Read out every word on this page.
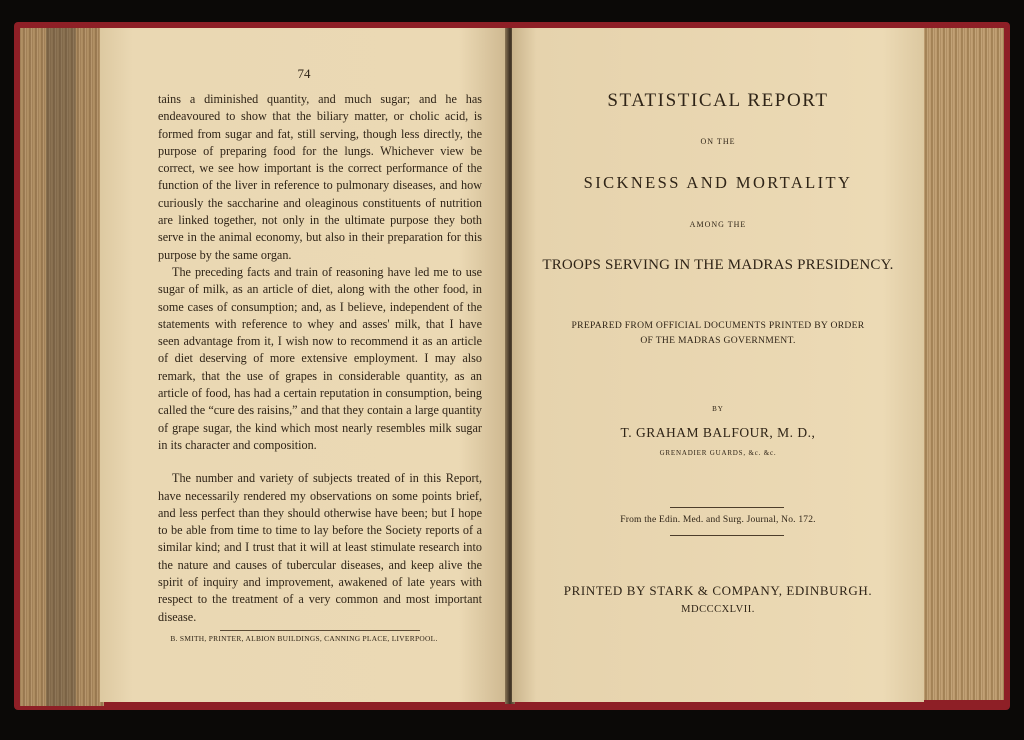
74

tains a diminished quantity, and much sugar; and he has endeavoured to show that the biliary matter, or cholic acid, is formed from sugar and fat, still serving, though less directly, the purpose of preparing food for the lungs. Whichever view be correct, we see how important is the correct performance of the function of the liver in reference to pulmonary diseases, and how curiously the saccharine and oleaginous constituents of nutrition are linked together, not only in the ultimate purpose they both serve in the animal economy, but also in their preparation for this purpose by the same organ.

The preceding facts and train of reasoning have led me to use sugar of milk, as an article of diet, along with the other food, in some cases of consumption; and, as I believe, independent of the statements with reference to whey and asses' milk, that I have seen advantage from it, I wish now to recommend it as an article of diet deserving of more extensive employment. I may also remark, that the use of grapes in considerable quantity, as an article of food, has had a certain reputation in consumption, being called the “cure des raisins,” and that they contain a large quantity of grape sugar, the kind which most nearly resembles milk sugar in its character and composition.

The number and variety of subjects treated of in this Report, have necessarily rendered my observations on some points brief, and less perfect than they should otherwise have been; but I hope to be able from time to time to lay before the Society reports of a similar kind; and I trust that it will at least stimulate research into the nature and causes of tubercular diseases, and keep alive the spirit of inquiry and improvement, awakened of late years with respect to the treatment of a very common and most important disease.

B. SMITH, PRINTER, ALBION BUILDINGS, CANNING PLACE, LIVERPOOL.
STATISTICAL REPORT
ON THE
SICKNESS AND MORTALITY
AMONG THE
TROOPS SERVING IN THE MADRAS PRESIDENCY.
PREPARED FROM OFFICIAL DOCUMENTS PRINTED BY ORDER
OF THE MADRAS GOVERNMENT.
BY
T. GRAHAM BALFOUR, M. D.,
GRENADIER GUARDS, &c. &c.
From the Edin. Med. and Surg. Journal, No. 172.
PRINTED BY STARK & COMPANY, EDINBURGH.
MDCCCXLVII.
